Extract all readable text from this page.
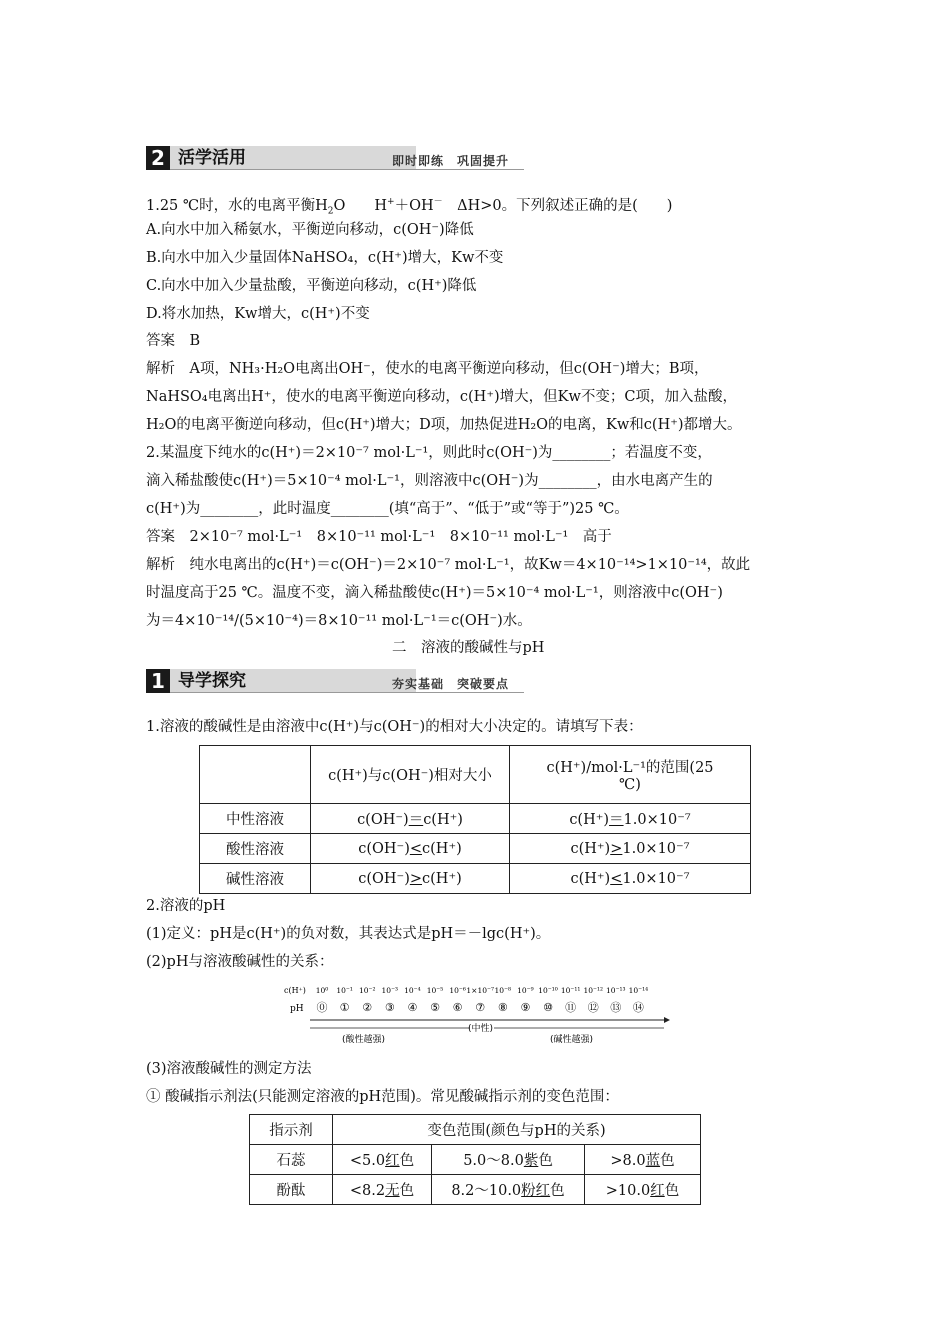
2 活学活用	即时即练　巩固提升
1.25 ℃时，水的电离平衡$H_2O$　　H+＋OH－　ΔH>0。下列叙述正确的是(　　)
A.向水中加入稀氨水，平衡逆向移动，c(OH⁻)降低
B.向水中加入少量固体NaHSO₄，c(H⁺)增大，Kw不变
C.向水中加入少量盐酸，平衡逆向移动，c(H⁺)降低
D.将水加热，Kw增大，c(H⁺)不变
答案　B
解析　A项，NH₃·H₂O电离出OH⁻，使水的电离平衡逆向移动，但c(OH⁻)增大；B项，
NaHSO₄电离出H⁺，使水的电离平衡逆向移动，c(H⁺)增大，但Kw不变；C项，加入盐酸，
H₂O的电离平衡逆向移动，但c(H⁺)增大；D项，加热促进H₂O的电离，Kw和c(H⁺)都增大。
2.某温度下纯水的c(H⁺)＝2×10⁻⁷ mol·L⁻¹，则此时c(OH⁻)为________；若温度不变，
滴入稀盐酸使c(H⁺)＝5×10⁻⁴ mol·L⁻¹，则溶液中c(OH⁻)为________，由水电离产生的
c(H⁺)为________，此时温度________(填“高于”、“低于”或“等于”)25 ℃。
答案　2×10⁻⁷ mol·L⁻¹　8×10⁻¹¹ mol·L⁻¹　8×10⁻¹¹ mol·L⁻¹　高于
解析　纯水电离出的c(H⁺)＝c(OH⁻)＝2×10⁻⁷ mol·L⁻¹，故Kw＝4×10⁻¹⁴>1×10⁻¹⁴，故此
时温度高于25 ℃。温度不变，滴入稀盐酸使c(H⁺)＝5×10⁻⁴ mol·L⁻¹，则溶液中c(OH⁻)
为＝4×10⁻¹⁴/(5×10⁻⁴)＝8×10⁻¹¹ mol·L⁻¹＝c(OH⁻)水。
二　溶液的酸碱性与pH
1 导学探究	夯实基础　突破要点
1.溶液的酸碱性是由溶液中c(H⁺)与c(OH⁻)的相对大小决定的。请填写下表：
	c(H⁺)与c(OH⁻)相对大小	c(H⁺)/mol·L⁻¹的范围(25
℃)

中性溶液	c(OH⁻)＝c(H⁺)	c(H⁺)＝1.0×10⁻⁷
酸性溶液	c(OH⁻)<c(H⁺)	c(H⁺)>1.0×10⁻⁷
碱性溶液	c(OH⁻)>c(H⁺)	c(H⁺)<1.0×10⁻⁷
2.溶液的pH
(1)定义：pH是c(H⁺)的负对数，其表达式是pH＝－lgc(H⁺)。
(2)pH与溶液酸碱性的关系：
c(H⁺)
pH
10⁰ 10⁻¹ 10⁻² 10⁻³ 10⁻⁴ 10⁻⁵ 10⁻⁶ 1×10⁻⁷ 10⁻⁸ 10⁻⁹ 10⁻¹⁰ 10⁻¹¹ 10⁻¹² 10⁻¹³ 10⁻¹⁴
⓪ ① ② ③ ④ ⑤ ⑥ ⑦ ⑧ ⑨ ⑩ ⑪ ⑫ ⑬ ⑭
(酸性越强)
(中性)
(碱性越强)
(3)溶液酸碱性的测定方法
① 酸碱指示剂法(只能测定溶液的pH范围)。常见酸碱指示剂的变色范围：
指示剂	变色范围(颜色与pH的关系)		
石蕊	<5.0红色	5.0～8.0紫色	>8.0蓝色
酚酞	<8.2无色	8.2～10.0粉红色	>10.0红色
